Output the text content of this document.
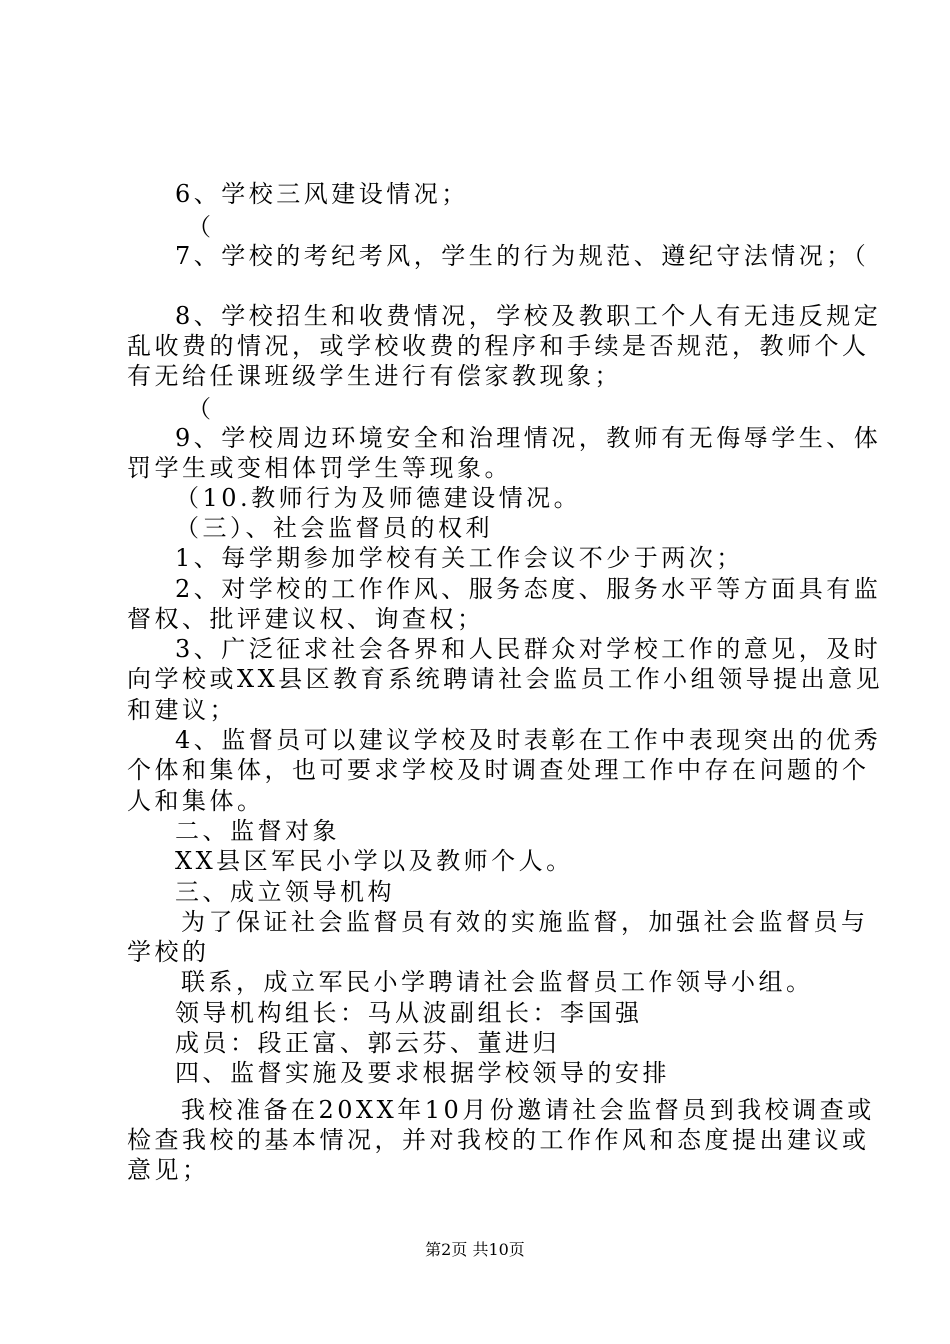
6、学校三风建设情况；
（
7、学校的考纪考风，学生的行为规范、遵纪守法情况；（
8、学校招生和收费情况，学校及教职工个人有无违反规定
乱收费的情况，或学校收费的程序和手续是否规范，教师个人
有无给任课班级学生进行有偿家教现象；
（
9、学校周边环境安全和治理情况，教师有无侮辱学生、体
罚学生或变相体罚学生等现象。
（10.教师行为及师德建设情况。
（三）、社会监督员的权利
1、每学期参加学校有关工作会议不少于两次；
2、对学校的工作作风、服务态度、服务水平等方面具有监
督权、批评建议权、询查权；
3、广泛征求社会各界和人民群众对学校工作的意见，及时
向学校或XX县区教育系统聘请社会监员工作小组领导提出意见
和建议；
4、监督员可以建议学校及时表彰在工作中表现突出的优秀
个体和集体，也可要求学校及时调查处理工作中存在问题的个
人和集体。
二、监督对象
XX县区军民小学以及教师个人。
三、成立领导机构
为了保证社会监督员有效的实施监督，加强社会监督员与
学校的
联系，成立军民小学聘请社会监督员工作领导小组。
领导机构组长：马从波副组长：李国强
成员：段正富、郭云芬、董进归
四、监督实施及要求根据学校领导的安排
我校准备在20XX年10月份邀请社会监督员到我校调查或
检查我校的基本情况，并对我校的工作作风和态度提出建议或
意见；
第2页 共10页
